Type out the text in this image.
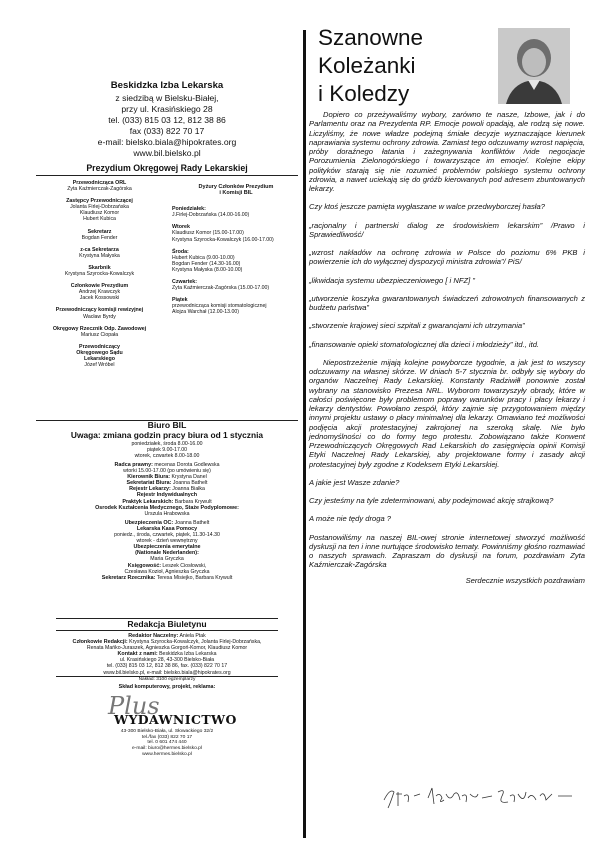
Beskidzka Izba Lekarska
z siedzibą w Bielsku-Białej,
przy ul. Krasińskiego 28
tel. (033) 815 03 12, 812 38 86
fax (033) 822 70 17
e-mail: bielsko.biala@hipokrates.org
www.bil.bielsko.pl
Prezydium Okręgowej Rady Lekarskiej
Przewodnicząca ORL
Zyta Kaźmierczak-Zagórska
Zastępcy Przewodniczącej
Jolanta Firlej-Dobrzańska
Klaudiusz Komor
Hubert Kubica
Sekretarz
Bogdan Fender
z-ca Sekretarza
Krystyna Małyska
Skarbnik
Krystyna Szyrocka-Kowalczyk
Członkowie Prezydium
Andrzej Krawczyk
Jacek Kossowski
Przewodniczący komisji rewizyjnej
Wacław Byrdy
Okręgowy Rzecznik Odp. Zawodowej
Mariusz Ciopała
Przewodniczący Okręgowego Sądu Lekarskiego
Józef Wróbel
Dyżury Członków Prezydium
i Komisji BIL
Poniedziałek:
J.Firlej-Dobrzańska (14.00-16.00)
Wtorek
Klaudiusz Komor (15.00-17.00)
Krystyna Szyrocka-Kowalczyk (16.00-17.00)
Środa:
Hubert Kubica (9.00-10.00)
Bogdan Fender (14.30-16.00)
Krystyna Małyska (8.00-10.00)
Czwartek:
Zyta Kaźmierczak-Zagórska (15.00-17.00)
Piątek
przewodnicząca komisji stomatologicznej
Alojza Warchał (12.00-13.00)
Biuro BIL
Uwaga: zmiana godzin pracy biura od 1 stycznia
poniedziałek, środa 8.00-16.00
piątek 9.00-17.00
wtorek, czwartek 8.00-18.00
Radca prawny: mecenas Dorota Godlewska
wtorki 15.00-17.00 (po umówieniu się)
Kierownik Biura: Krystyna Danel
Sekretariat Biura: Joanna Bathelt
Rejestr Lekarzy: Joanna Białka
Rejestr Indywidualnych
Praktyk Lekarskich: Barbara Krywult
Osrodek Kształcenia Medycznego, Staże Podyplomowe:
Urszula Hrabowska
Ubezpieczenia OC: Joanna Bathelt
Lekarska Kasa Pomocy
poniedz., środa, czwartek, piątek, 11.30-14.30
wtorek - dzień wewnętrzny
Ubezpieczenia emerytalne
(Nationale Nederlanden):
Maria Gryczka
Księgowość: Leszek Ciosłowski,
Czesława Kozioł, Agnieszka Gryczka
Sekretarz Rzecznika: Teresa Misiejko, Barbara Krywult
Redakcja Biuletynu
Redaktor Naczelny: Aniela Ptak
Członkowie Redakcji: Krystyna Szyrocka-Kowalczyk, Jolanta Firlej-Dobrzańska,
Renata Mańko-Juraszek, Agnieszka Gorgoń-Komor, Klaudiusz Komor
Kontakt z nami: Beskidzka Izba Lekarska
ul. Krasińskiego 28, 43-300 Bielsko-Biała
tel. (033) 815 03 12, 812 38 86, fax. (033) 822 70 17
www.bil.bielsko.pl, e-mail: bielsko.biala@hipokrates.org
Nakład: 3100 egzemplarzy
Skład komputerowy, projekt, reklama:
Plus
WYDAWNICTWO
43-300 Bielsko-Biała, ul. Słowackiego 32/2
tel./fax (033) 822 70 17
tel. 0 601 474 440
e-mail: biuro@hermes.bielsko.pl
www.hermes.bielsko.pl
Szanowne
Koleżanki
i Koledzy

Dopiero co przeżywaliśmy wybory, zarówno te nasze, Izbowe, jak i do Parlamentu oraz na Prezydenta RP. Emocje powoli opadają, ale rodzą się nowe. Liczyliśmy, że nowe władze podejmą śmiałe decyzje wyznaczające kierunek naprawiania systemu ochrony zdrowia. Zamiast tego odczuwamy wzrost napięcia, próby doraźnego łatania i zażegnywania konfliktów /vide negocjacje Porozumienia Zielonogórskiego i towarzyszące im emocje/. Kolejne ekipy polityków starają się nie rozumieć problemów polskiego systemu ochrony zdrowia, a nawet uciekają się do gróźb kierowanych pod adresem zbuntowanych lekarzy.

Czy ktoś jeszcze pamięta wygłaszane w walce przedwyborczej hasła?

„racjonalny i partnerski dialog ze środowiskiem lekarskim” /Prawo i Sprawiedliwość/

„wzrost nakładów na ochronę zdrowia w Polsce do poziomu 6% PKB i powierzenie ich do wyłącznej dyspozycji ministra zdrowia”/ PiS/

„likwidacja systemu ubezpieczeniowego [ i NFZ] ”

„utworzenie koszyka gwarantowanych świadczeń zdrowotnych finansowanych z budżetu państwa”

„stworzenie krajowej sieci szpitali z gwarancjami ich utrzymania”

„finansowanie opieki stomatologicznej dla dzieci i młodzieży” itd., itd.

Niepostrzeżenie mijają kolejne powyborcze tygodnie, a jak jest to wszyscy odczuwamy na własnej skórze. W dniach 5-7 stycznia br. odbyły się wybory do organów Naczelnej Rady Lekarskiej. Konstanty Radziwiłł ponownie został wybrany na stanowisko Prezesa NRL. Wyborom towarzyszyły obrady, które w całości poświęcone były problemom poprawy warunków pracy i płacy lekarzy i lekarzy dentystów. Powołano zespół, który zajmie się przygotowaniem między innymi projektu ustawy o płacy minimalnej dla lekarzy. Omawiano też możliwości podjęcia akcji protestacyjnej zakrojonej na szeroką skalę. Nie było jednomyślności co do formy tego protestu. Zobowiązano także Konwent Przewodniczących Okręgowych Rad Lekarskich do zasięgnięcia opinii Komisji Etyki Naczelnej Rady Lekarskiej, aby projektowane formy i zasady akcji protestacyjnej były zgodne z Kodeksem Etyki Lekarskiej.

A jakie jest Wasze zdanie?

Czy jesteśmy na tyle zdeterminowani, aby podejmować akcję strajkową?

A może nie tędy droga ?

Postanowiliśmy na naszej BIL-owej stronie internetowej stworzyć możliwość dyskusji na ten i inne nurtujące środowisko tematy. Powinniśmy głośno rozmawiać o naszych sprawach. Zapraszam do dyskusji na forum, pozdrawiam Zyta Kaźmierczak-Zagórska

Serdecznie wszystkich pozdrawiam
